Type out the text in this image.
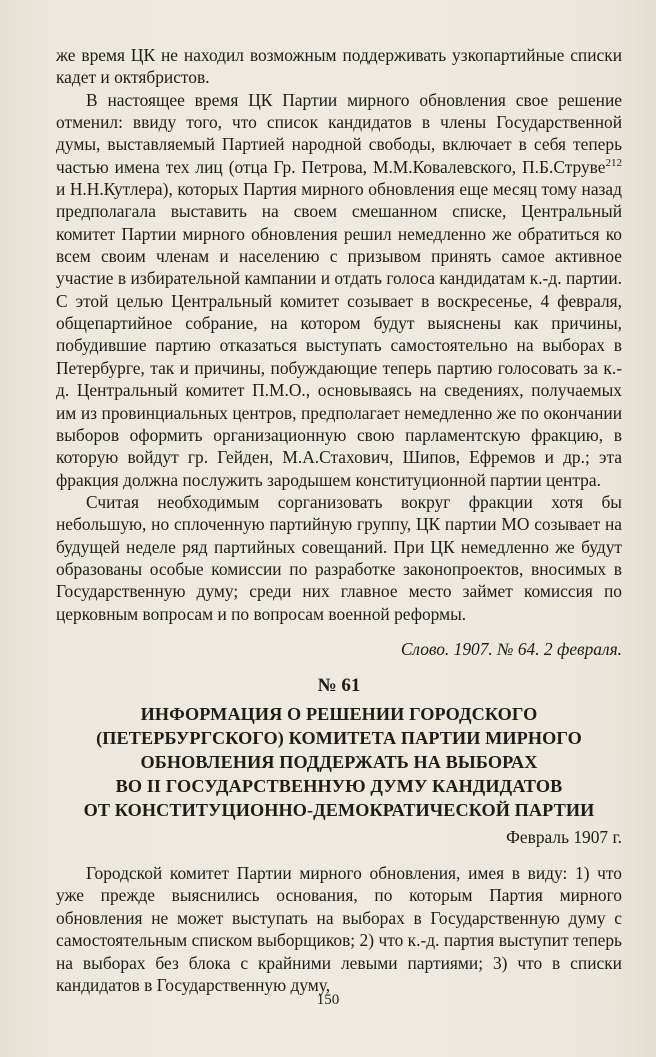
же время ЦК не находил возможным поддерживать узкопартийные списки кадет и октябристов.

В настоящее время ЦК Партии мирного обновления свое решение отменил: ввиду того, что список кандидатов в члены Государственной думы, выставляемый Партией народной свободы, включает в себя теперь частью имена тех лиц (отца Гр. Петрова, М.М.Ковалевского, П.Б.Струве$^{212}$ и Н.Н.Кутлера), которых Партия мирного обновления еще месяц тому назад предполагала выставить на своем смешанном списке, Центральный комитет Партии мирного обновления решил немедленно же обратиться ко всем своим членам и населению с призывом принять самое активное участие в избирательной кампании и отдать голоса кандидатам к.-д. партии. С этой целью Центральный комитет созывает в воскресенье, 4 февраля, общепартийное собрание, на котором будут выяснены как причины, побудившие партию отказаться выступать самостоятельно на выборах в Петербурге, так и причины, побуждающие теперь партию голосовать за к.-д. Центральный комитет П.М.О., основываясь на сведениях, получаемых им из провинциальных центров, предполагает немедленно же по окончании выборов оформить организационную свою парламентскую фракцию, в которую войдут гр. Гейден, М.А.Стахович, Шипов, Ефремов и др.; эта фракция должна послужить зародышем конституционной партии центра.

Считая необходимым сорганизовать вокруг фракции хотя бы небольшую, но сплоченную партийную группу, ЦК партии МО созывает на будущей неделе ряд партийных совещаний. При ЦК немедленно же будут образованы особые комиссии по разработке законопроектов, вносимых в Государственную думу; среди них главное место займет комиссия по церковным вопросам и по вопросам военной реформы.

Слово. 1907. № 64. 2 февраля.
№ 61
ИНФОРМАЦИЯ О РЕШЕНИИ ГОРОДСКОГО
(ПЕТЕРБУРГСКОГО) КОМИТЕТА ПАРТИИ МИРНОГО
ОБНОВЛЕНИЯ ПОДДЕРЖАТЬ НА ВЫБОРАХ
ВО II ГОСУДАРСТВЕННУЮ ДУМУ КАНДИДАТОВ
ОТ КОНСТИТУЦИОННО-ДЕМОКРАТИЧЕСКОЙ ПАРТИИ
Февраль 1907 г.

Городской комитет Партии мирного обновления, имея в виду: 1) что уже прежде выяснились основания, по которым Партия мирного обновления не может выступать на выборах в Государственную думу с самостоятельным списком выборщиков; 2) что к.-д. партия выступит теперь на выборах без блока с крайними левыми партиями; 3) что в списки кандидатов в Государственную думу,

150
